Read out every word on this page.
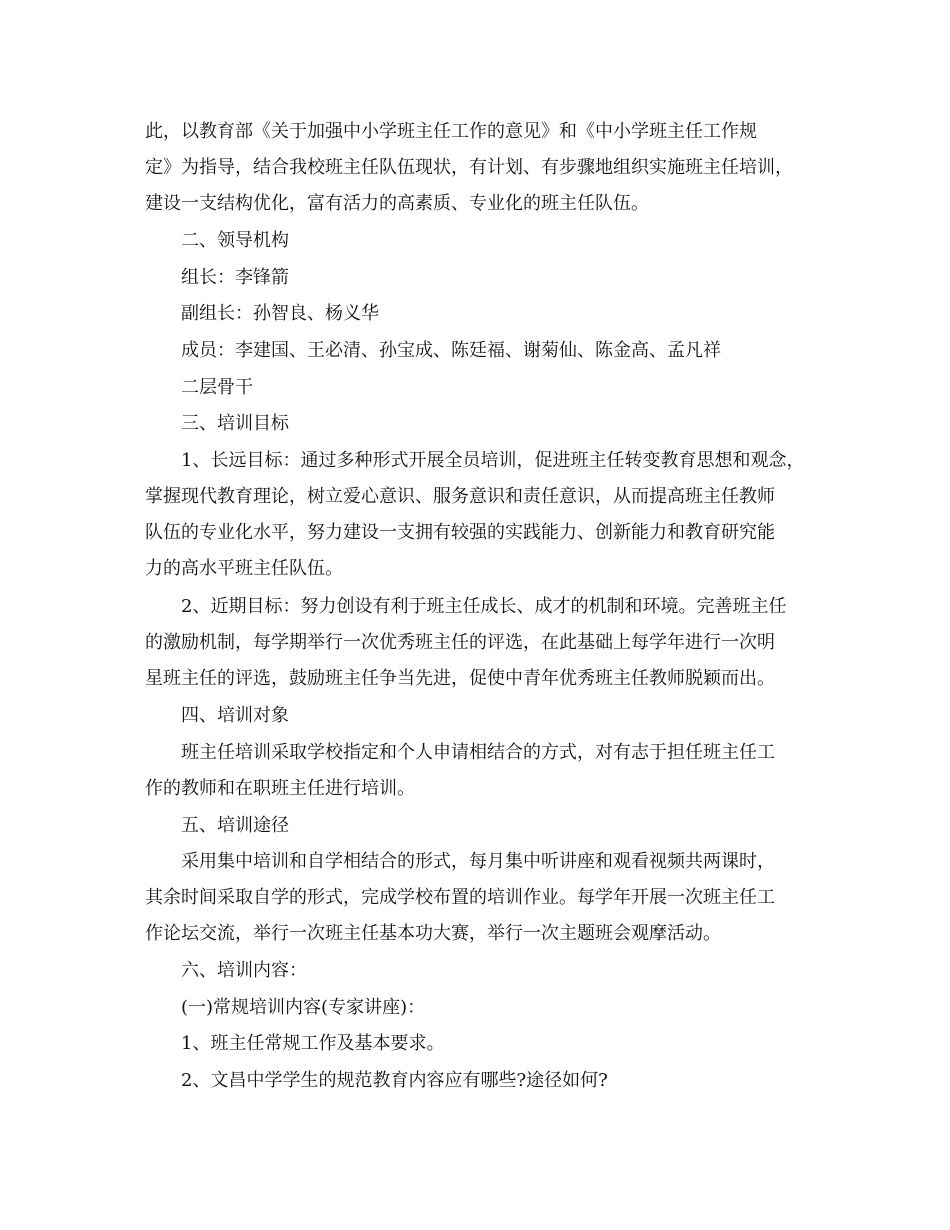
此，以教育部《关于加强中小学班主任工作的意见》和《中小学班主任工作规
定》为指导，结合我校班主任队伍现状，有计划、有步骤地组织实施班主任培训，
建设一支结构优化，富有活力的高素质、专业化的班主任队伍。
二、领导机构
组长：李锋箭
副组长：孙智良、杨义华
成员：李建国、王必清、孙宝成、陈廷福、谢菊仙、陈金高、孟凡祥
二层骨干
三、培训目标
1、长远目标：通过多种形式开展全员培训，促进班主任转变教育思想和观念，
掌握现代教育理论，树立爱心意识、服务意识和责任意识，从而提高班主任教师
队伍的专业化水平，努力建设一支拥有较强的实践能力、创新能力和教育研究能
力的高水平班主任队伍。
2、近期目标：努力创设有利于班主任成长、成才的机制和环境。完善班主任
的激励机制，每学期举行一次优秀班主任的评选，在此基础上每学年进行一次明
星班主任的评选，鼓励班主任争当先进，促使中青年优秀班主任教师脱颖而出。
四、培训对象
班主任培训采取学校指定和个人申请相结合的方式，对有志于担任班主任工
作的教师和在职班主任进行培训。
五、培训途径
采用集中培训和自学相结合的形式，每月集中听讲座和观看视频共两课时，
其余时间采取自学的形式，完成学校布置的培训作业。每学年开展一次班主任工
作论坛交流，举行一次班主任基本功大赛，举行一次主题班会观摩活动。
六、培训内容：
(一)常规培训内容(专家讲座)：
1、班主任常规工作及基本要求。
2、文昌中学学生的规范教育内容应有哪些?途径如何?
